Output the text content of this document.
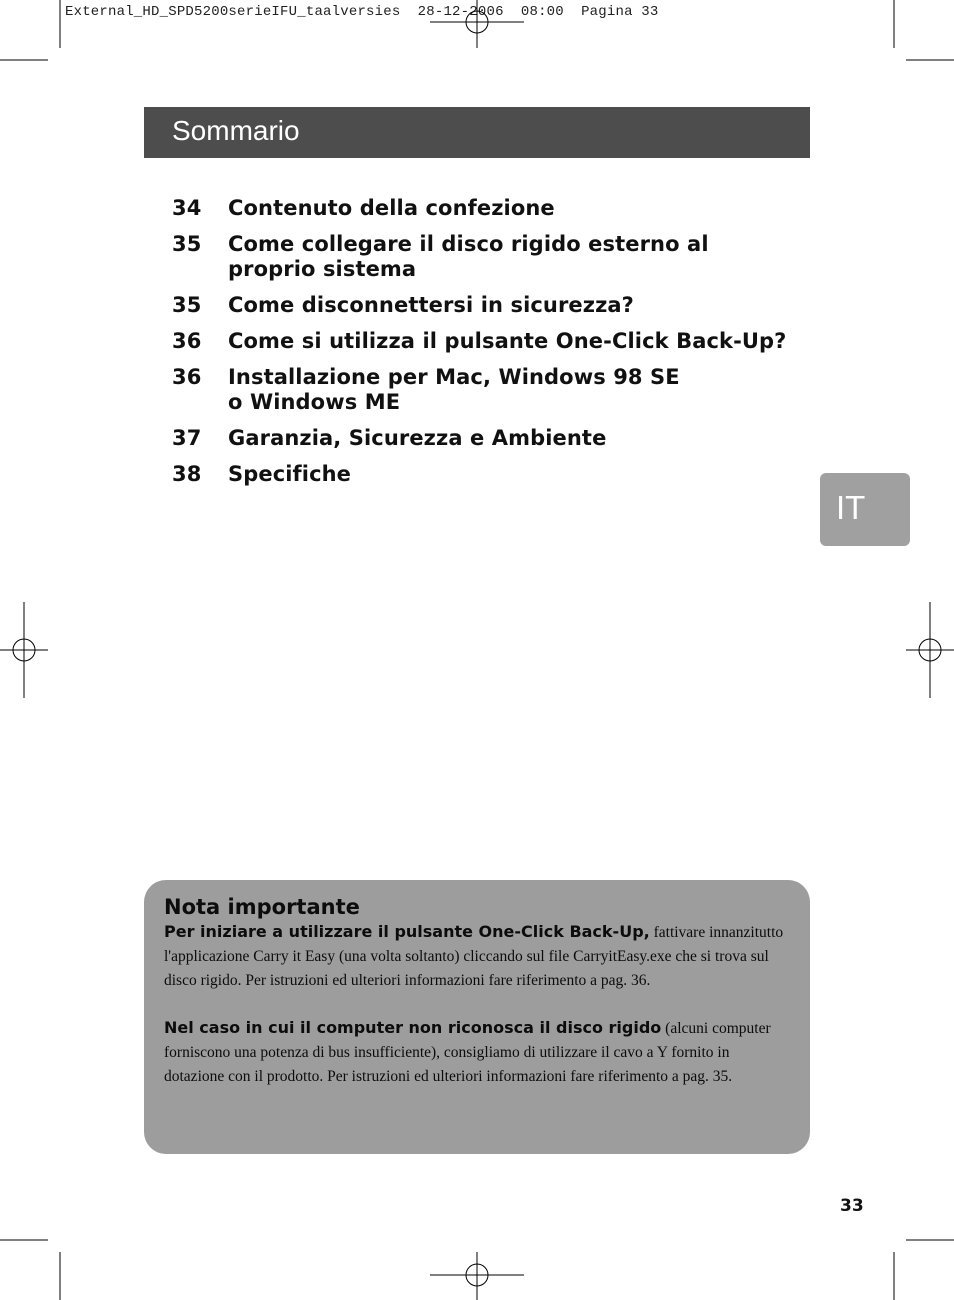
External_HD_SPD5200serieIFU_taalversies  28-12-2006  08:00  Pagina 33
Sommario
34	Contenuto della confezione
35	Come collegare il disco rigido esterno al
proprio sistema
35	Come disconnettersi in sicurezza?
36	Come si utilizza il pulsante One-Click Back-Up?
36	Installazione per Mac, Windows 98 SE
o Windows ME
37	Garanzia, Sicurezza e Ambiente
38	Specifiche
IT

Nota importante

Per iniziare a utilizzare il pulsante One-Click Back-Up, fattivare innanzitutto l'applicazione Carry it Easy (una volta soltanto) cliccando sul file CarryitEasy.exe che si trova sul disco rigido. Per istruzioni ed ulteriori informazioni fare riferimento a pag. 36.

Nel caso in cui il computer non riconosca il disco rigido (alcuni computer forniscono una potenza di bus insufficiente), consigliamo di utilizzare il cavo a Y fornito in dotazione con il prodotto. Per istruzioni ed ulteriori informazioni fare riferimento a pag. 35.

33
